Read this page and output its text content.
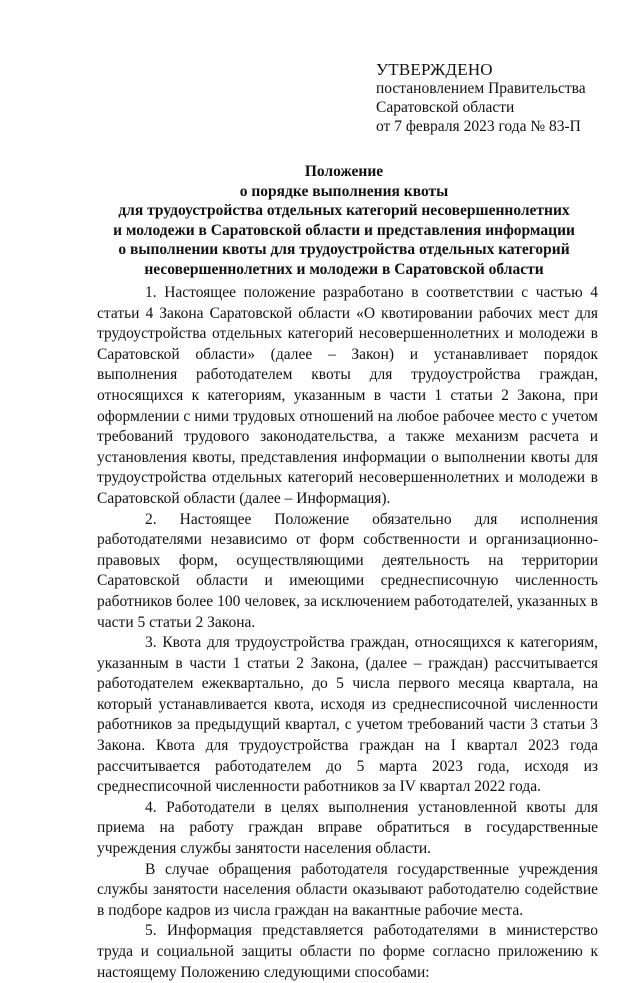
УТВЕРЖДЕНО
постановлением Правительства
Саратовской области
от 7 февраля 2023 года № 83-П
Положение
о порядке выполнения квоты
для трудоустройства отдельных категорий несовершеннолетних
и молодежи в Саратовской области и представления информации
о выполнении квоты для трудоустройства отдельных категорий
несовершеннолетних и молодежи в Саратовской области

1. Настоящее положение разработано в соответствии с частью 4 статьи 4 Закона Саратовской области «О квотировании рабочих мест для трудоустройства отдельных категорий несовершеннолетних и молодежи в Саратовской области» (далее – Закон) и устанавливает порядок выполнения работодателем квоты для трудоустройства граждан, относящихся к категориям, указанным в части 1 статьи 2 Закона, при оформлении с ними трудовых отношений на любое рабочее место с учетом требований трудового законодательства, а также механизм расчета и установления квоты, представления информации о выполнении квоты для трудоустройства отдельных категорий несовершеннолетних и молодежи в Саратовской области (далее – Информация).

2. Настоящее Положение обязательно для исполнения работодателями независимо от форм собственности и организационно-правовых форм, осуществляющими деятельность на территории Саратовской области и имеющими среднесписочную численность работников более 100 человек, за исключением работодателей, указанных в части 5 статьи 2 Закона.

3. Квота для трудоустройства граждан, относящихся к категориям, указанным в части 1 статьи 2 Закона, (далее – граждан) рассчитывается работодателем ежеквартально, до 5 числа первого месяца квартала, на который устанавливается квота, исходя из среднесписочной численности работников за предыдущий квартал, с учетом требований части 3 статьи 3 Закона. Квота для трудоустройства граждан на I квартал 2023 года рассчитывается работодателем до 5 марта 2023 года, исходя из среднесписочной численности работников за IV квартал 2022 года.

4. Работодатели в целях выполнения установленной квоты для приема на работу граждан вправе обратиться в государственные учреждения службы занятости населения области.

В случае обращения работодателя государственные учреждения службы занятости населения области оказывают работодателю содействие в подборе кадров из числа граждан на вакантные рабочие места.

5. Информация представляется работодателями в министерство труда и социальной защиты области по форме согласно приложению к настоящему Положению следующими способами:
